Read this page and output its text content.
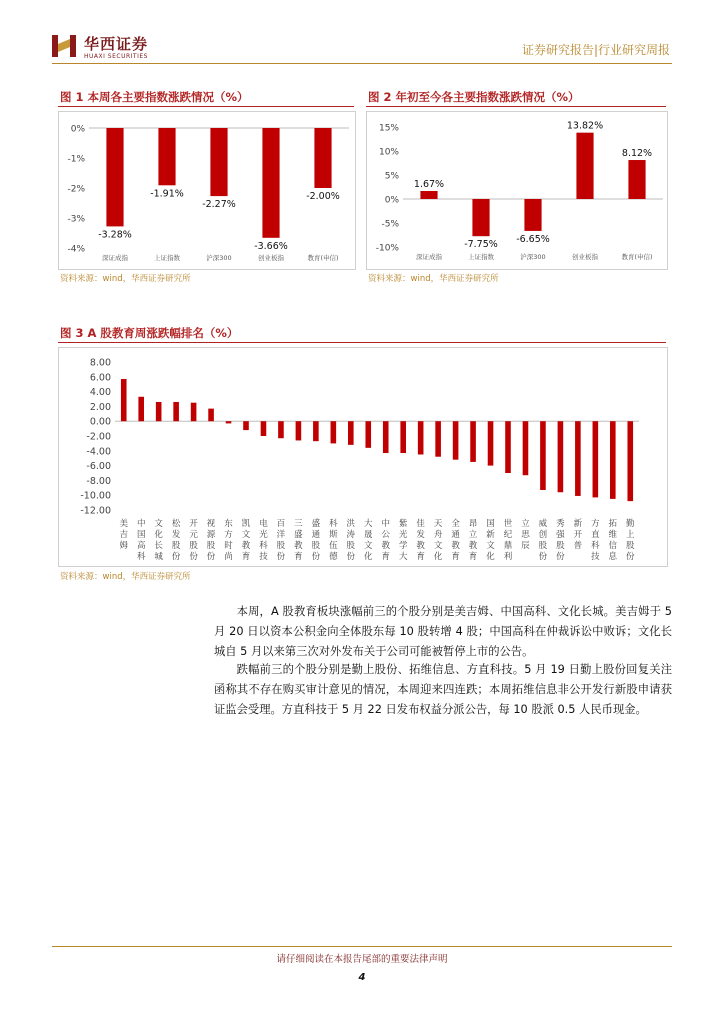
华西证券
HUAXI SECURITIES	证券研究报告|行业研究周报
图 1 本周各主要指数涨跌情况（%）
0%
-1%
-2%
-3%
-4%
-3.28%
深证成指
-1.91%
上证指数
-2.27%
沪深300
-3.66%
创业板指
-2.00%
教育(申信)
资料来源：wind，华西证券研究所
图 2 年初至今各主要指数涨跌情况（%）
15%
10%
5%
0%
-5%
-10%
1.67%
深证成指
-7.75%
上证指数
-6.65%
沪深300
13.82%
创业板指
8.12%
教育(申信)
资料来源：wind，华西证券研究所
图 3 A 股教育周涨跌幅排名（%）
8.00
6.00
4.00
2.00
0.00
-2.00
-4.00
-6.00
-8.00
-10.00
-12.00
美吉姆
中国高科
文化长城
松发股份
开元股份
视源股份
东方时尚
凯文教育
电光科技
百洋股份
三盛教育
盛通股份
科斯伍德
洪涛股份
大晟文化
中公教育
紫光学大
佳发教育
天舟文化
全通教育
昂立教育
国新文化
世纪鼎利
立思辰
威创股份
秀强股份
新开普
方直科技
拓维信息
勤上股份
资料来源：wind，华西证券研究所

本周，A 股教育板块涨幅前三的个股分别是美吉姆、中国高科、文化长城。美吉姆于 5 月 20 日以资本公积金向全体股东每 10 股转增 4 股；中国高科在仲裁诉讼中败诉；文化长城自 5 月以来第三次对外发布关于公司可能被暂停上市的公告。

跌幅前三的个股分别是勤上股份、拓维信息、方直科技。5 月 19 日勤上股份回复关注函称其不存在购买审计意见的情况，本周迎来四连跌；本周拓维信息非公开发行新股申请获证监会受理。方直科技于 5 月 22 日发布权益分派公告，每 10 股派 0.5 人民币现金。

请仔细阅读在本报告尾部的重要法律声明
4
